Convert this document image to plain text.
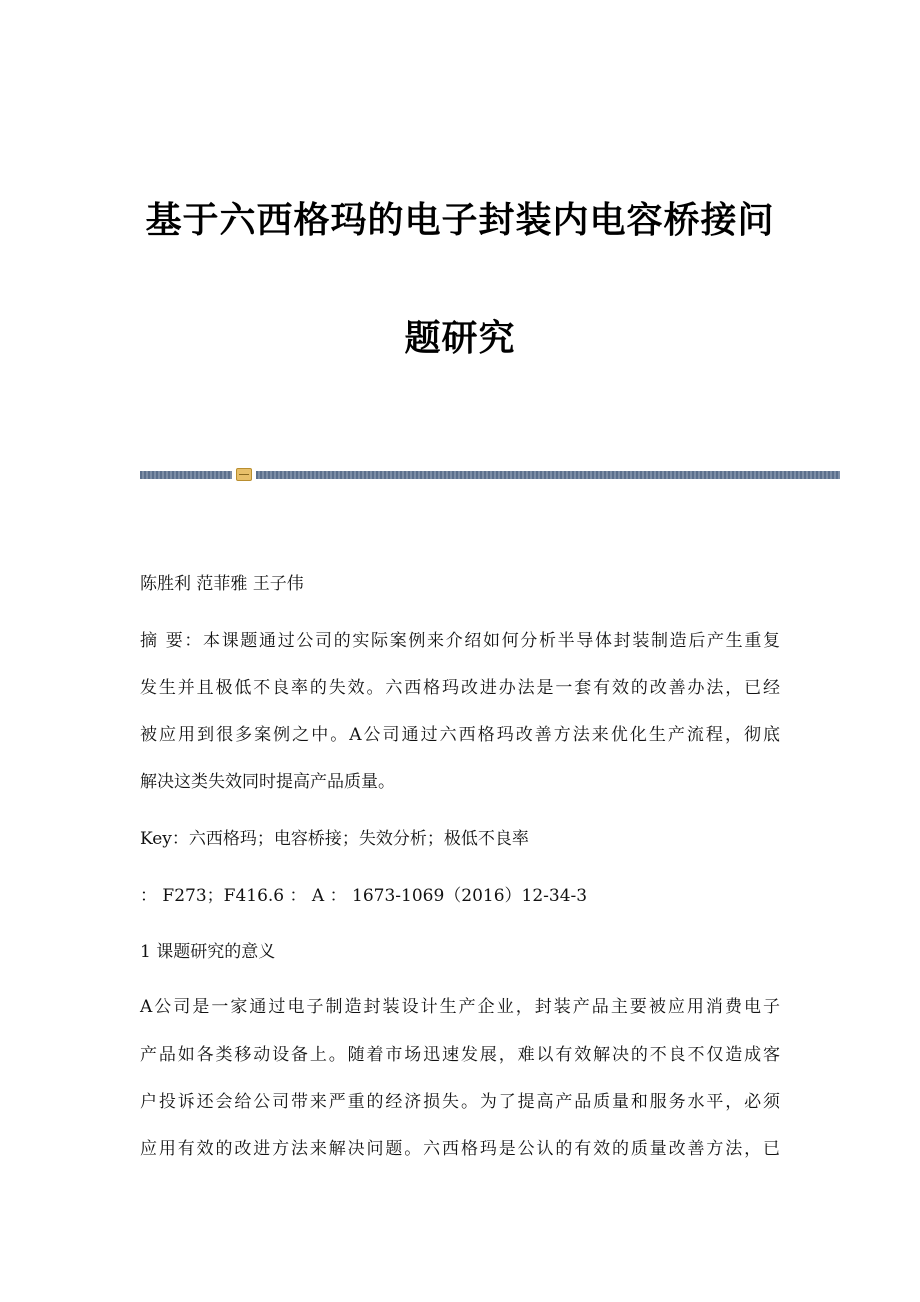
基于六西格玛的电子封装内电容桥接问
题研究
陈胜利 范菲雅 王子伟
摘 要：本课题通过公司的实际案例来介绍如何分析半导体封装制造后产生重复
发生并且极低不良率的失效。六西格玛改进办法是一套有效的改善办法，已经
被应用到很多案例之中。A公司通过六西格玛改善方法来优化生产流程，彻底
解决这类失效同时提高产品质量。
Key：六西格玛；电容桥接；失效分析；极低不良率
： F273；F416.6 ： A ： 1673-1069（2016）12-34-3
1 课题研究的意义
A公司是一家通过电子制造封装设计生产企业，封装产品主要被应用消费电子
产品如各类移动设备上。随着市场迅速发展，难以有效解决的不良不仅造成客
户投诉还会给公司带来严重的经济损失。为了提高产品质量和服务水平，必须
应用有效的改进方法来解决问题。六西格玛是公认的有效的质量改善方法，已
